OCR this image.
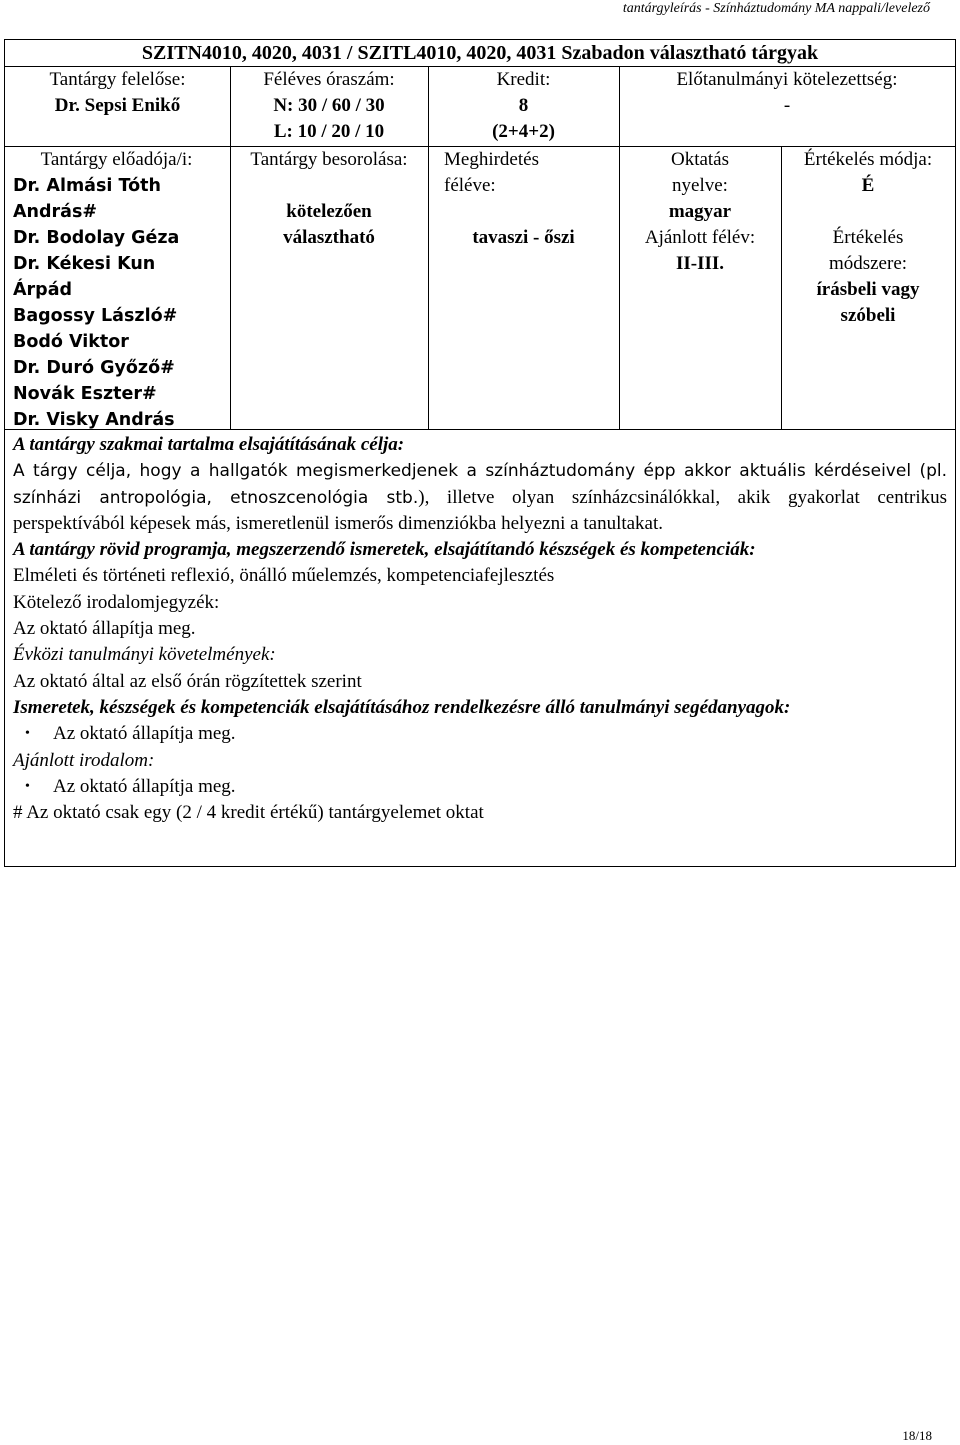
tantárgyleírás - Színháztudomány MA nappali/levelező
SZITN4010, 4020, 4031 / SZITL4010, 4020, 4031 Szabadon választható tárgyak
Tantárgy felelőse:
Dr. Sepsi Enikő
Féléves óraszám:
N: 30 / 60 / 30
L: 10 / 20 / 10
Kredit:
8
(2+4+2)
Előtanulmányi kötelezettség:
-
Tantárgy előadója/i:
Dr. Almási Tóth
András#
Dr. Bodolay Géza
Dr. Kékesi Kun
Árpád
Bagossy László#
Bodó Viktor
Dr. Duró Győző#
Novák Eszter#
Dr. Visky András
Tantárgy besorolása:

kötelezően
választható
Meghirdetés
féléve:

tavaszi - őszi
Oktatás
nyelve:
magyar
Ajánlott félév:
II-III.
Értékelés módja:
É

Értékelés
módszere:
írásbeli vagy
szóbeli

A tantárgy szakmai tartalma elsajátításának célja:

A tárgy célja, hogy a hallgatók megismerkedjenek a színháztudomány épp akkor aktuális kérdéseivel (pl. színházi antropológia, etnoszcenológia stb.), illetve olyan színházcsinálókkal, akik gyakorlat centrikus perspektívából képesek más, ismeretlenül ismerős dimenziókba helyezni a tanultakat.

A tantárgy rövid programja, megszerzendő ismeretek, elsajátítandó készségek és kompetenciák:

Elméleti és történeti reflexió, önálló műelemzés, kompetenciafejlesztés

Kötelező irodalomjegyzék:

Az oktató állapítja meg.

Évközi tanulmányi követelmények:

Az oktató által az első órán rögzítettek szerint

Ismeretek, készségek és kompetenciák elsajátításához rendelkezésre álló tanulmányi segédanyagok:

•	Az oktató állapítja meg.

Ajánlott irodalom:

•	Az oktató állapítja meg.

# Az oktató csak egy (2 / 4 kredit értékű) tantárgyelemet oktat

18/18
